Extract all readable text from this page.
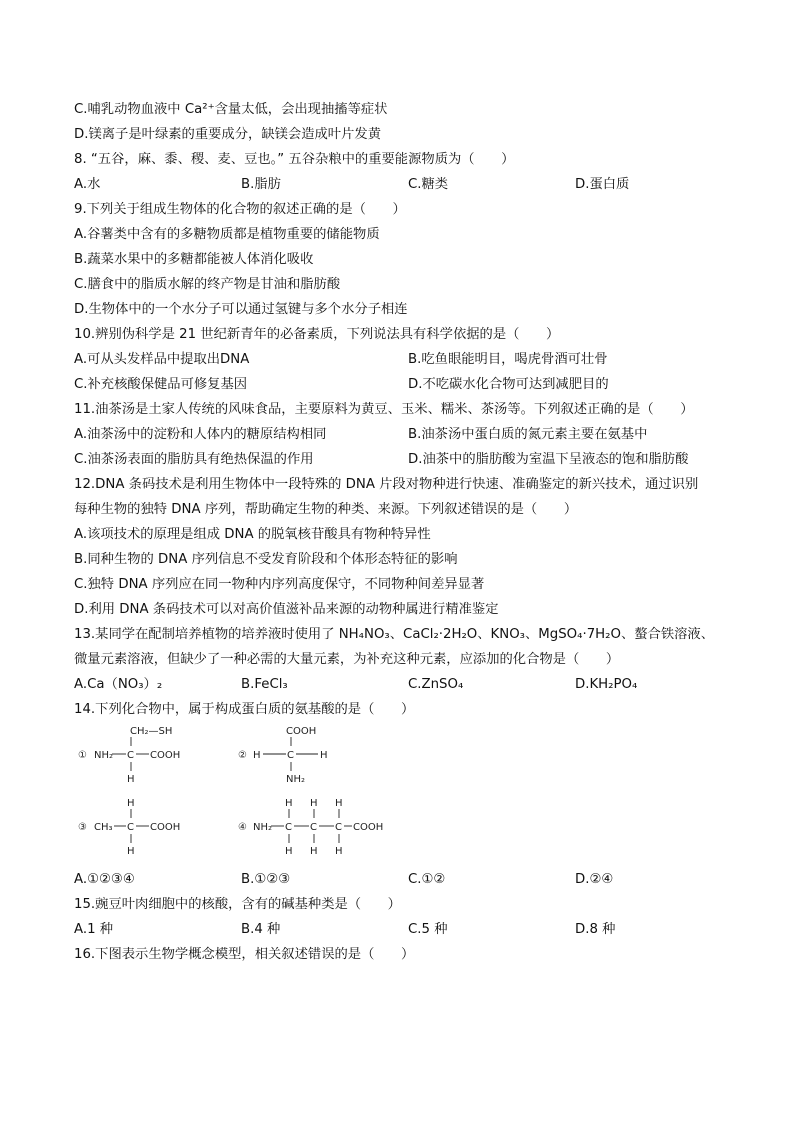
C.哺乳动物血液中 Ca²⁺含量太低，会出现抽搐等症状
D.镁离子是叶绿素的重要成分，缺镁会造成叶片发黄
8. “五谷，麻、黍、稷、麦、豆也。” 五谷杂粮中的重要能源物质为（　　）
A.水	B.脂肪	C.糖类	D.蛋白质
9.下列关于组成生物体的化合物的叙述正确的是（　　）
A.谷薯类中含有的多糖物质都是植物重要的储能物质
B.蔬菜水果中的多糖都能被人体消化吸收
C.膳食中的脂质水解的终产物是甘油和脂肪酸
D.生物体中的一个水分子可以通过氢键与多个水分子相连
10.辨别伪科学是 21 世纪新青年的必备素质，下列说法具有科学依据的是（　　）
A.可从头发样品中提取出DNA	B.吃鱼眼能明目，喝虎骨酒可壮骨
C.补充核酸保健品可修复基因	D.不吃碳水化合物可达到减肥目的
11.油茶汤是土家人传统的风味食品，主要原料为黄豆、玉米、糯米、茶汤等。下列叙述正确的是（　　）
A.油茶汤中的淀粉和人体内的糖原结构相同	B.油茶汤中蛋白质的氮元素主要在氨基中
C.油茶汤表面的脂肪具有绝热保温的作用	D.油茶中的脂肪酸为室温下呈液态的饱和脂肪酸
12.DNA 条码技术是利用生物体中一段特殊的 DNA 片段对物种进行快速、准确鉴定的新兴技术，通过识别
每种生物的独特 DNA 序列，帮助确定生物的种类、来源。下列叙述错误的是（　　）
A.该项技术的原理是组成 DNA 的脱氧核苷酸具有物种特异性
B.同种生物的 DNA 序列信息不受发育阶段和个体形态特征的影响
C.独特 DNA 序列应在同一物种内序列高度保守，不同物种间差异显著
D.利用 DNA 条码技术可以对高价值滋补品来源的动物种属进行精准鉴定
13.某同学在配制培养植物的培养液时使用了 NH₄NO₃、CaCl₂·2H₂O、KNO₃、MgSO₄·7H₂O、螯合铁溶液、
微量元素溶液，但缺少了一种必需的大量元素，为补充这种元素，应添加的化合物是（　　）
A.Ca（NO₃）₂	B.FeCl₃	C.ZnSO₄	D.KH₂PO₄
14.下列化合物中，属于构成蛋白质的氨基酸的是（　　）
①
CH₂—SH
NH₂ C COOH
H
②
COOH
H	C	H
NH₂
③
H
CH₃ C COOH
H
④ NH₂
H
C
H
H
C
H
H
C
H
COOH
A.①②③④	B.①②③	C.①②	D.②④
15.豌豆叶肉细胞中的核酸，含有的碱基种类是（　　）
A.1 种	B.4 种	C.5 种	D.8 种
16.下图表示生物学概念模型，相关叙述错误的是（　　）
